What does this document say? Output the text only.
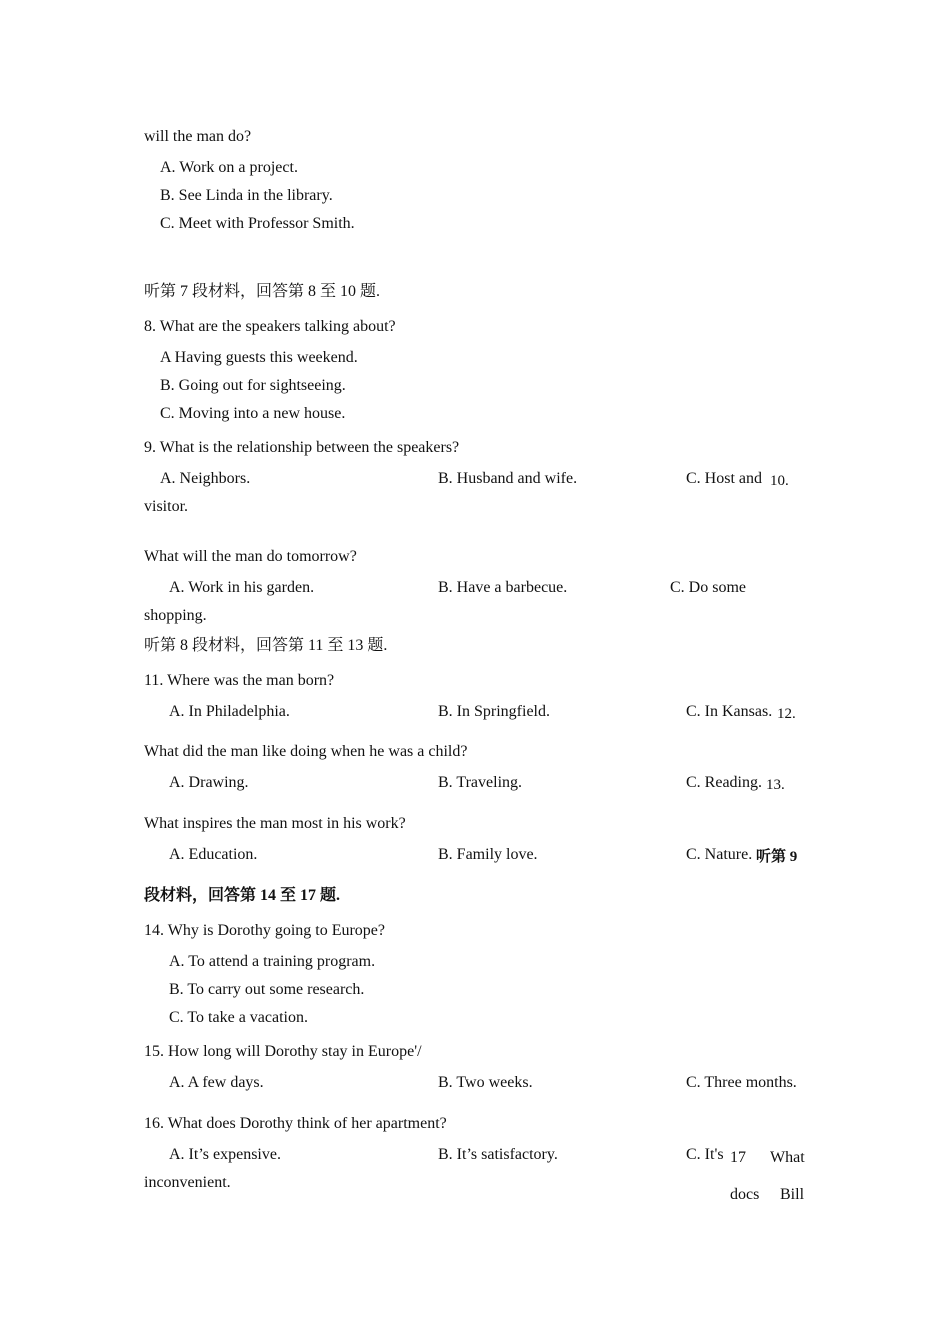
will the man do?
A. Work on a project.
B. See Linda in the library.
C. Meet with Professor Smith.
听第 7 段材料，回答第 8 至 10 题.
8. What are the speakers talking about?
A Having guests this weekend.
B. Going out for sightseeing.
C. Moving into a new house.
9. What is the relationship between the speakers?
A. Neighbors.	B. Husband and wife.	C. Host and 10.
visitor.
What will the man do tomorrow?
A. Work in his garden.	B. Have a barbecue.	C. Do some
shopping.
听第 8 段材料，回答第 11 至 13 题.
11. Where was the man born?
A. In Philadelphia.	B. In Springfield.	C. In Kansas. 12.
What did the man like doing when he was a child?
A. Drawing.	B. Traveling.	C. Reading. 13.
What inspires the man most in his work?
A. Education.	B. Family love.	C. Nature. 听第 9
段材料，回答第 14 至 17 题.
14. Why is Dorothy going to Europe?
A. To attend a training program.
B. To carry out some research.
C. To take a vacation.
15. How long will Dorothy stay in Europe'/
A. A few days.	B. Two weeks.	C. Three months.
16. What does Dorothy think of her apartment?
A. It’s expensive.	B. It’s satisfactory.	C. It's 17 What
inconvenient.
docs Bill
